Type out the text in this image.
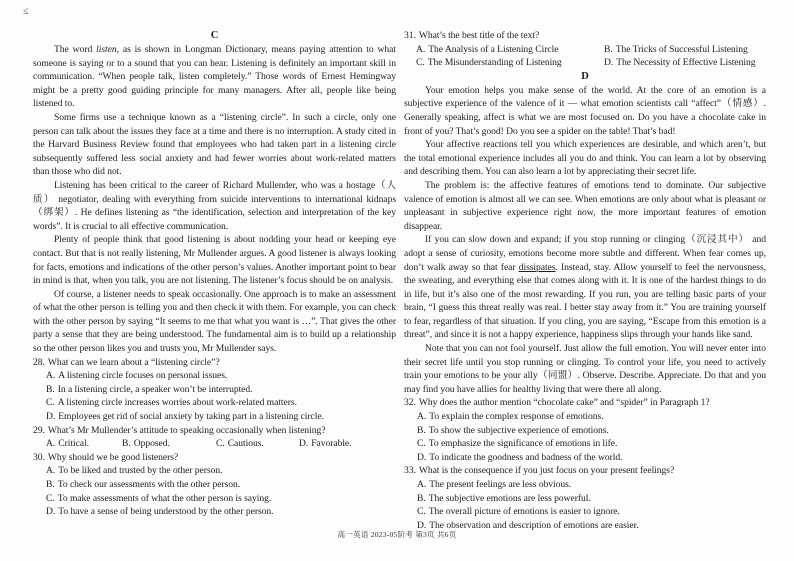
≤
C

The word listen, as is shown in Longman Dictionary, means paying attention to what someone is saying or to a sound that you can hear. Listening is definitely an important skill in communication. “When people talk, listen completely.” Those words of Ernest Hemingway might be a pretty good guiding principle for many managers. After all, people like being listened to.

Some firms use a technique known as a “listening circle”. In such a circle, only one person can talk about the issues they face at a time and there is no interruption. A study cited in the Harvard Business Review found that employees who had taken part in a listening circle subsequently suffered less social anxiety and had fewer worries about work-related matters than those who did not.

Listening has been critical to the career of Richard Mullender, who was a hostage（人质） negotiator, dealing with everything from suicide interventions to international kidnaps（绑架）. He defines listening as “the identification, selection and interpretation of the key words”. It is crucial to all effective communication.

Plenty of people think that good listening is about nodding your head or keeping eye contact. But that is not really listening, Mr Mullender argues. A good listener is always looking for facts, emotions and indications of the other person’s values. Another important point to bear in mind is that, when you talk, you are not listening. The listener’s focus should be on analysis.

Of course, a listener needs to speak occasionally. One approach is to make an assessment of what the other person is telling you and then check it with them. For example, you can check with the other person by saying “It seems to me that what you want is …”. That gives the other party a sense that they are being understood. The fundamental aim is to build up a relationship so the other person likes you and trusts you, Mr Mullender says.

28. What can we learn about a “listening circle”?
A. A listening circle focuses on personal issues.
B. In a listening circle, a speaker won’t be interrupted.
C. A listening circle increases worries about work-related matters.
D. Employees get rid of social anxiety by taking part in a listening circle.
29. What’s Mr Mullender’s attitude to speaking occasionally when listening?
A. Critical.	B. Opposed.	C. Cautious.	D. Favorable.
30. Why should we be good listeners?
A. To be liked and trusted by the other person.
B. To check our assessments with the other person.
C. To make assessments of what the other person is saying.
D. To have a sense of being understood by the other person.
31. What’s the best title of the text?
A. The Analysis of a Listening Circle	B. The Tricks of Successful Listening
C. The Misunderstanding of Listening	D. The Necessity of Effective Listening
D

Your emotion helps you make sense of the world. At the core of an emotion is a subjective experience of the valence of it — what emotion scientists call “affect”（情感）. Generally speaking, affect is what we are most focused on. Do you have a chocolate cake in front of you? That’s good! Do you see a spider on the table! That’s bad!

Your affective reactions tell you which experiences are desirable, and which aren’t, but the total emotional experience includes all you do and think. You can learn a lot by observing and describing them. You can also learn a lot by appreciating their secret life.

The problem is: the affective features of emotions tend to dominate. Our subjective valence of emotion is almost all we can see. When emotions are only about what is pleasant or unpleasant in subjective experience right now, the more important features of emotion disappear.

If you can slow down and expand; if you stop running or clinging（沉浸其中） and adopt a sense of curiosity, emotions become more subtle and different. When fear comes up, don’t walk away so that fear dissipates. Instead, stay. Allow yourself to feel the nervousness, the sweating, and everything else that comes along with it. It is one of the hardest things to do in life, but it’s also one of the most rewarding. If you run, you are telling basic parts of your brain, “I guess this threat really was real. I better stay away from it.” You are training yourself to fear, regardless of that situation. If you cling, you are saying, “Escape from this emotion is a threat”, and since it is not a happy experience, happiness slips through your hands like sand.

Note that you can not fool yourself. Just allow the full emotion. You will never enter into their secret life until you stop running or clinging. To control your life, you need to actively train your emotions to be your ally（同盟）. Observe. Describe. Appreciate. Do that and you may find you have allies for healthy living that were there all along.

32. Why does the author mention “chocolate cake” and “spider” in Paragraph 1?
A. To explain the complex response of emotions.
B. To show the subjective experience of emotions.
C. To emphasize the significance of emotions in life.
D. To indicate the goodness and badness of the world.
33. What is the consequence if you just focus on your present feelings?
A. The present feelings are less obvious.
B. The subjective emotions are less powerful.
C. The overall picture of emotions is easier to ignore.
D. The observation and description of emotions are easier.
高一英语 2023-05阶考 第3页 共6页
